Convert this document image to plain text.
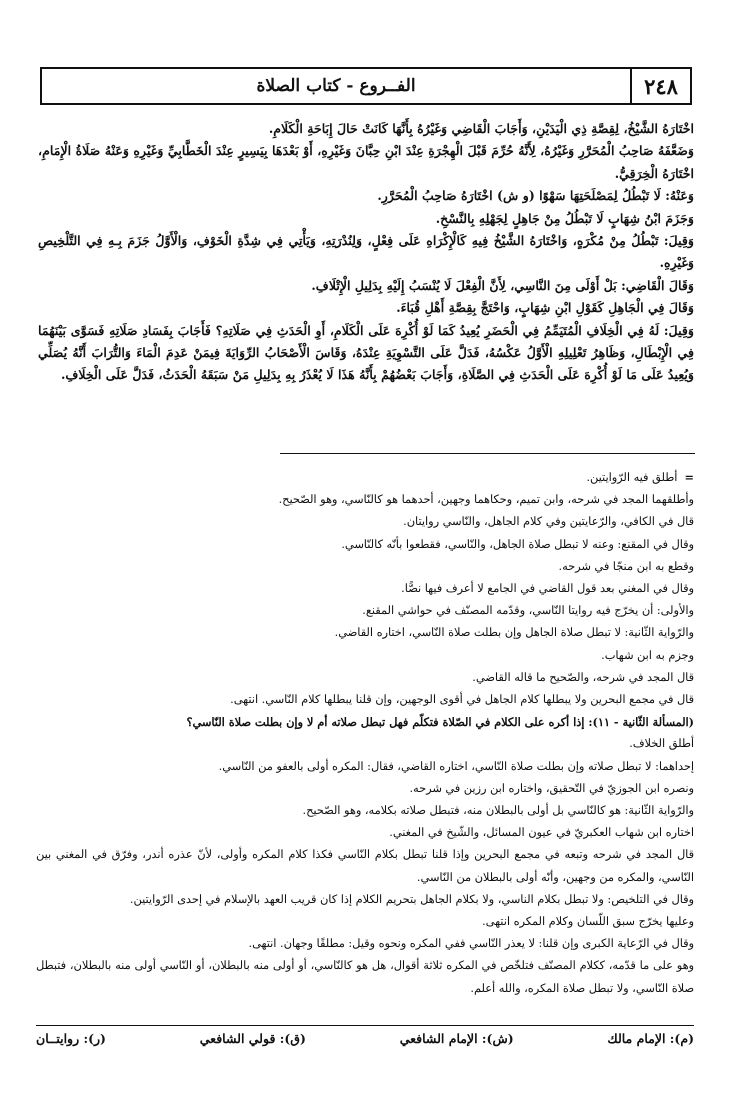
٢٤٨
الفــروع - كتاب الصلاة

اخْتَارَهُ الشَّيْخُ، لِقِصَّةِ ذِي الْيَدَيْنِ، وَأَجَابَ الْقَاضِي وَغَيْرُهُ بِأَنَّهَا كَانَتْ حَالَ إِبَاحَةِ الْكَلَامِ.

وَضَعَّفَهُ صَاحِبُ الْمُحَرَّرِ وَغَيْرُهُ، لِأَنَّهُ حُرِّمَ قَبْلَ الْهِجْرَةِ عِنْدَ ابْنِ حِبَّانَ وَغَيْرِهِ، أَوْ بَعْدَهَا بِيَسِيرٍ عِنْدَ الْخَطَّابِيِّ وَغَيْرِهِ وَعَنْهُ صَلَاةُ الْإِمَامِ، اخْتَارَهُ الْخِرَقِيُّ.

وَعَنْهُ: لَا تَبْطُلُ لِمَصْلَحَتِهَا سَهْوًا (و ش) اخْتَارَهُ صَاحِبُ الْمُحَرَّرِ.

وَجَزَمَ ابْنُ شِهَابٍ لَا تَبْطُلُ مِنْ جَاهِلٍ لِجَهْلِهِ بِالنَّسْخِ.

وَقِيلَ: تَبْطُلُ مِنْ مُكْرَهٍ، وَاخْتَارَهُ الشَّيْخُ فِيهِ كَالْإِكْرَاهِ عَلَى فِعْلٍ، وَلِنُدْرَتِهِ، وَيَأْتِي فِي شِدَّةِ الْخَوْفِ، وَالْأَوَّلُ جَزَمَ بِـهِ فِي التَّلْخِيصِ وَغَيْرِهِ.

وَقَالَ الْقَاضِي: بَلْ أَوْلَى مِنَ النَّاسِي، لِأَنَّ الْفِعْلَ لَا يُنْسَبُ إِلَيْهِ بِدَلِيلِ الْإِتْلَافِ.

وَقَالَ فِي الْجَاهِلِ كَقَوْلِ ابْنِ شِهَابٍ، وَاحْتَجَّ بِقِصَّةِ أَهْلِ قُبَاءَ.

وَقِيلَ: لَهُ فِي الْخِلَافِ الْمُتَيَمِّمُ فِي الْحَضَرِ يُعِيدُ كَمَا لَوْ أُكْرِهَ عَلَى الْكَلَامِ، أَوِ الْحَدَثِ فِي صَلَاتِهِ؟ فَأَجَابَ بِفَسَادِ صَلَاتِهِ فَسَوَّى بَيْنَهُمَا فِي الْإِبْطَالِ، وَظَاهِرُ تَعْلِيلِهِ الْأَوَّلُ عَكْسُهُ، فَدَلَّ عَلَى التَّسْوِيَةِ عِنْدَهُ، وَقَاسَ الْأَصْحَابُ الرِّوَايَةَ فِيمَنْ عَدِمَ الْمَاءَ وَالتُّرَابَ أَنَّهُ يُصَلِّي وَيُعِيدُ عَلَى مَا لَوْ أُكْرِهَ عَلَى الْحَدَثِ فِي الصَّلَاةِ، وَأَجَابَ بَعْضُهُمْ بِأَنَّهُ هَذَا لَا يُعْذَرُ بِهِ بِدَلِيلِ مَنْ سَبَقَهُ الْحَدَثُ، فَدَلَّ عَلَى الْخِلَافِ.

=  أطلق فيه الرّوايتين.

وأطلقهما المجد في شرحه، وابن تميم، وحكاهما وجهين، أحدهما هو كالنّاسي، وهو الصّحيح.

قال في الكافي، والرّعايتين وفي كلام الجاهل، والنّاسي روايتان.

وقال في المقنع: وعنه لا تبطل صلاة الجاهل، والنّاسي، فقطعوا بأنّه كالنّاسي.

وقطع به ابن منجّا في شرحه.

وقال في المغني بعد قول القاضي في الجامع لا أعرف فيها نصًّا.

والأولى: أن يخرّج فيه روايتا النّاسي، وقدّمه المصنّف في حواشي المقنع.

والرّواية الثّانية: لا تبطل صلاة الجاهل وإن بطلت صلاة النّاسي، اختاره القاضي.

وجزم به ابن شهاب.

قال المجد في شرحه، والصّحيح ما قاله القاضي.

قال في مجمع البحرين ولا يبطلها كلام الجاهل في أقوى الوجهين، وإن قلنا يبطلها كلام النّاسي. انتهى.

(المسألة الثّانية - ١١): إذا أكره على الكلام في الصّلاة فتكلّم فهل تبطل صلاته أم لا وإن بطلت صلاة النّاسي؟

أطلق الخلاف.

إحداهما: لا تبطل صلاته وإن بطلت صلاة النّاسي، اختاره القاضي، فقال: المكره أولى بالعفو من النّاسي.

ونصره ابن الجوزيّ في التّحقيق، واختاره ابن رزين في شرحه.

والرّواية الثّانية: هو كالنّاسي بل أولى بالبطلان منه، فتبطل صلاته بكلامه، وهو الصّحيح.

اختاره ابن شهاب العكبريّ في عيون المسائل، والشّيخ في المغني.

قال المجد في شرحه وتبعه في مجمع البحرين وإذا قلنا تبطل بكلام النّاسي فكذا كلام المكره وأولى، لأنّ عذره أندر، وفرّق في المغني بين النّاسي، والمكره من وجهين، وأنّه أولى بالبطلان من النّاسي.

وقال في التلخيص: ولا تبطل بكلام الناسي، ولا بكلام الجاهل بتحريم الكلام إذا كان قريب العهد بالإسلام في إحدى الرّوايتين.

وعليها يخرّج سبق اللّسان وكلام المكره انتهى.

وقال في الرّعاية الكبرى وإن قلنا: لا يعذر النّاسي ففي المكره ونحوه وقيل: مطلقًا وجهان. انتهى.

وهو على ما قدّمه، ككلام المصنّف فتلخّص في المكره ثلاثة أقوال، هل هو كالنّاسي، أو أولى منه بالبطلان، أو النّاسي أولى منه بالبطلان، فتبطل صلاة النّاسي، ولا تبطل صلاة المكره، والله أعلم.

(م): الإمام مالك
(ش): الإمام الشافعي
(ق): قولي الشافعي
(ر): روايتــان
